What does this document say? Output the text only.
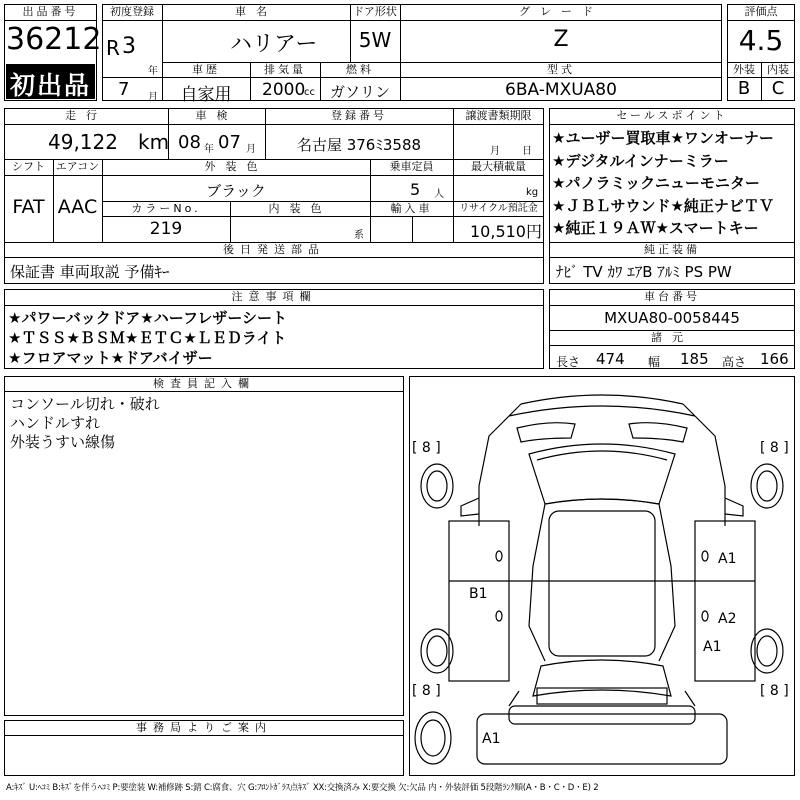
出品番号
36212
初出品
初度登録
R 3
年
7 月
車名
ハリアー
ドア形状
5W
グレード
Z
車歴
自家用
排気量
2000
cc
燃料
ガソリン
型式
6BA-MXUA80
評価点
4.5
外装
B
内装
C
走行
49,122 km
車検
08 年 07 月
登録番号
名古屋 376ﾐ3588
譲渡書類期限
月 日
シフト
FAT
エアコン
AAC
外装色
ブラック
乗車定員
5 人
最大積載量
kg
カラーNo.
219
内装色
系
輸入車	リサイクル預託金
10,510円
後日発送部品
保証書 車両取説 予備ｷｰ
セールスポイント
★ユーザー買取車★ワンオーナー
★デジタルインナーミラー
★パノラミックニューモニター
★ＪＢＬサウンド★純正ナビＴＶ
★純正１９ＡＷ★スマートキー
純正装備
ﾅﾋﾞ TV ｶﾜ ｴｱB ｱﾙﾐ PS PW
注意事項欄
★パワーバックドア★ハーフレザーシート
★ＴＳＳ★ＢＳＭ★ＥＴＣ★ＬＥＤライト
★フロアマット★ドアバイザー
車台番号
MXUA80-0058445
諸元
長さ 474 幅 185 高さ 166
検査員記入欄
コンソール切れ・破れ
ハンドルすれ
外装うすい線傷
事務局よりご案内
[ 8 ]	[ 8 ]
[ 8 ]	[ 8 ]
A1
B1
A2
A1
A1
A:ｷｽﾞ U:ﾍｺﾐ B:ｷｽﾞを伴うﾍｺﾐ P:要塗装 W:補修跡 S:錆 C:腐食、穴 G:ﾌﾛﾝﾄｶﾞﾗｽ点ｷｽﾞ XX:交換済み X:要交換 欠:欠品 内・外装評価 5段階ﾗﾝｸ順(A・B・C・D・E) 2
